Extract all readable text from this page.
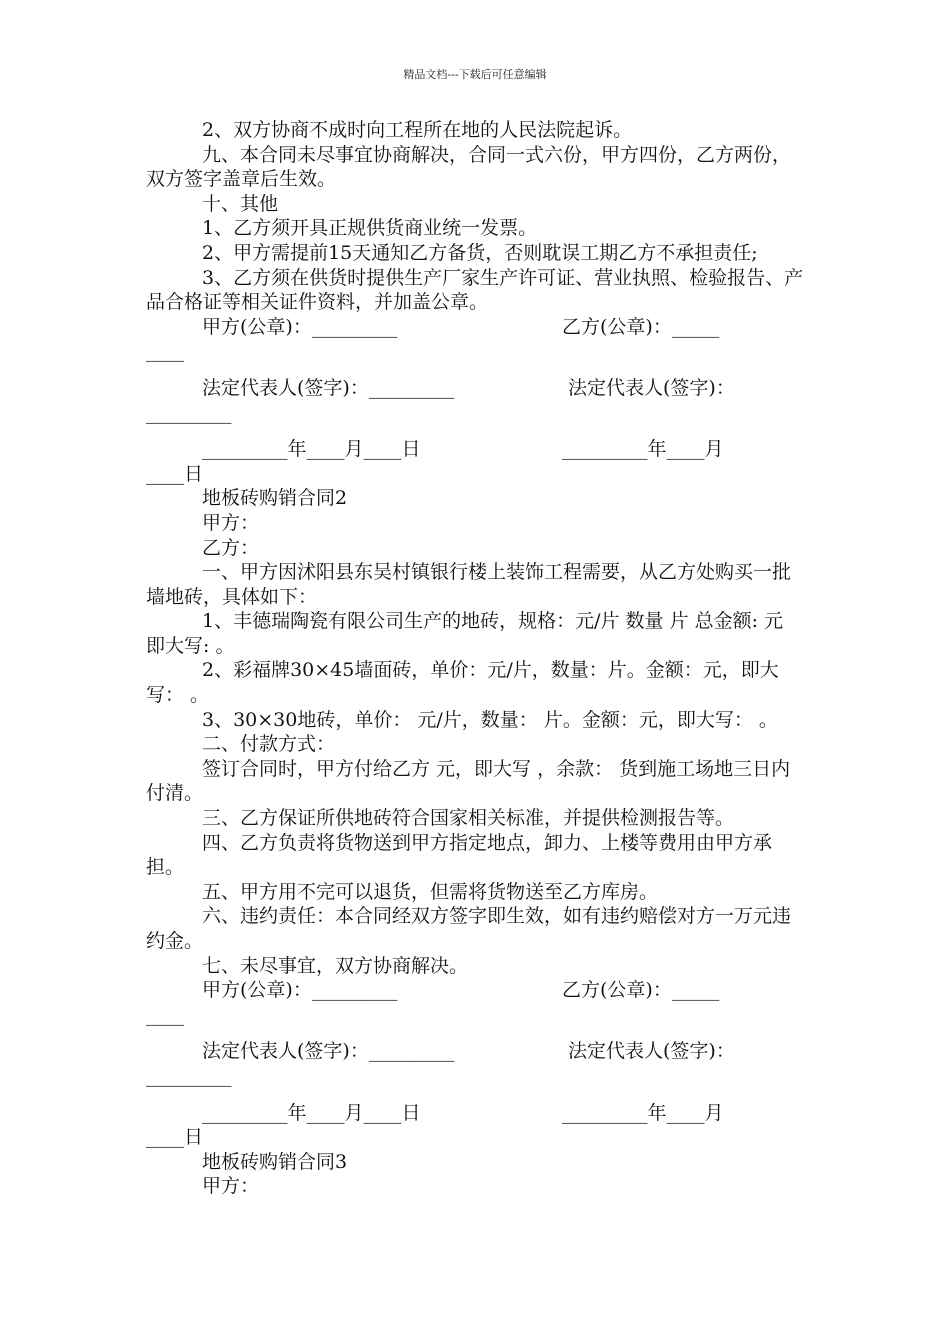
精品文档---下载后可任意编辑

2、双方协商不成时向工程所在地的人民法院起诉。

九、本合同未尽事宜协商解决，合同一式六份，甲方四份，乙方两份，双方签字盖章后生效。

十、其他

1、乙方须开具正规供货商业统一发票。

2、甲方需提前15天通知乙方备货，否则耽误工期乙方不承担责任;

3、乙方须在供货时提供生产厂家生产许可证、营业执照、检验报告、产品合格证等相关证件资料，并加盖公章。

甲方(公章)：_________	乙方(公章)：_____
____
法定代表人(签字)：_________	法定代表人(签字)：
_________
_________年____月____日	_________年____月
____日

地板砖购销合同2

甲方：

乙方：

一、甲方因沭阳县东吴村镇银行楼上装饰工程需要，从乙方处购买一批墙地砖，具体如下：

1、丰德瑞陶瓷有限公司生产的地砖，规格：元/片 数量 片 总金额: 元 即大写: 。

2、彩福牌30×45墙面砖，单价：元/片，数量：片。金额：元，即大写： 。

3、30×30地砖，单价： 元/片，数量： 片。金额：元，即大写： 。

二、付款方式：

签订合同时，甲方付给乙方 元，即大写 ，余款： 货到施工场地三日内付清。

三、乙方保证所供地砖符合国家相关标准，并提供检测报告等。

四、乙方负责将货物送到甲方指定地点，卸力、上楼等费用由甲方承担。

五、甲方用不完可以退货，但需将货物送至乙方库房。

六、违约责任：本合同经双方签字即生效，如有违约赔偿对方一万元违约金。

七、未尽事宜，双方协商解决。

甲方(公章)：_________	乙方(公章)：_____
____
法定代表人(签字)：_________	法定代表人(签字)：
_________
_________年____月____日	_________年____月
____日

地板砖购销合同3

甲方：
